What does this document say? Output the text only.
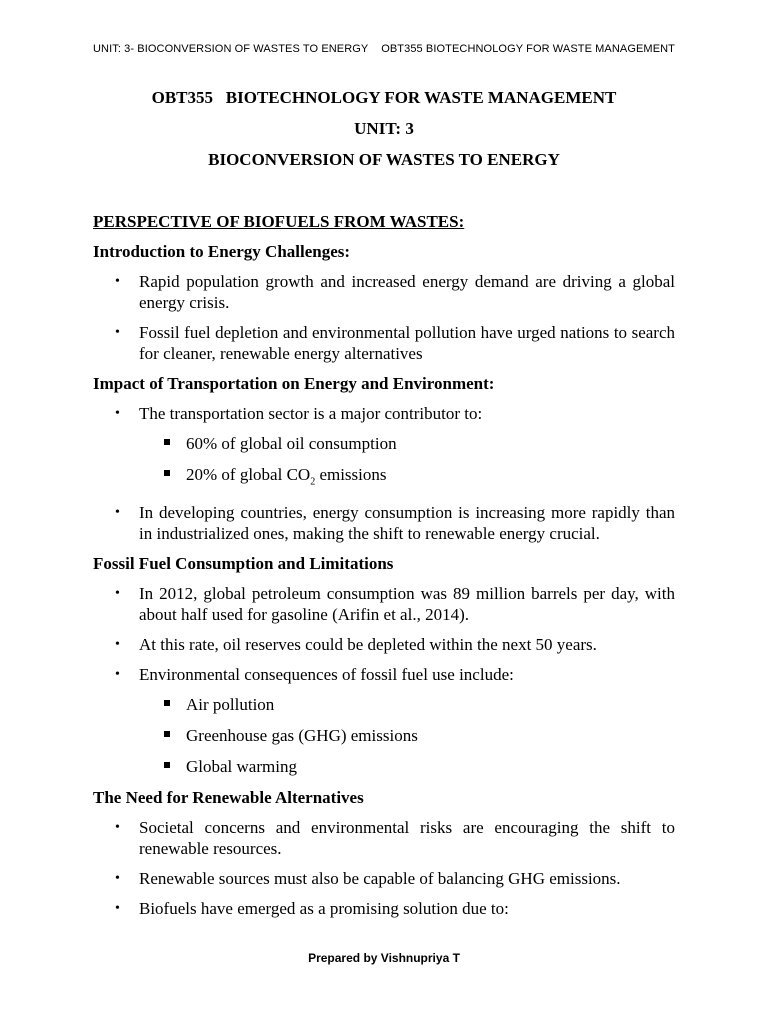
UNIT: 3- BIOCONVERSION OF WASTES TO ENERGY OBT355 BIOTECHNOLOGY FOR WASTE MANAGEMENT
OBT355   BIOTECHNOLOGY FOR WASTE MANAGEMENT
UNIT: 3
BIOCONVERSION OF WASTES TO ENERGY
PERSPECTIVE OF BIOFUELS FROM WASTES:
Introduction to Energy Challenges:
• Rapid population growth and increased energy demand are driving a global energy crisis.
• Fossil fuel depletion and environmental pollution have urged nations to search for cleaner, renewable energy alternatives
Impact of Transportation on Energy and Environment:
• The transportation sector is a major contributor to:
60% of global oil consumption
20% of global $CO_2$ emissions
• In developing countries, energy consumption is increasing more rapidly than in industrialized ones, making the shift to renewable energy crucial.
Fossil Fuel Consumption and Limitations
• In 2012, global petroleum consumption was 89 million barrels per day, with about half used for gasoline (Arifin et al., 2014).
• At this rate, oil reserves could be depleted within the next 50 years.
• Environmental consequences of fossil fuel use include:
Air pollution
Greenhouse gas (GHG) emissions
Global warming
The Need for Renewable Alternatives
• Societal concerns and environmental risks are encouraging the shift to renewable resources.
• Renewable sources must also be capable of balancing GHG emissions.
• Biofuels have emerged as a promising solution due to:
Prepared by Vishnupriya T
